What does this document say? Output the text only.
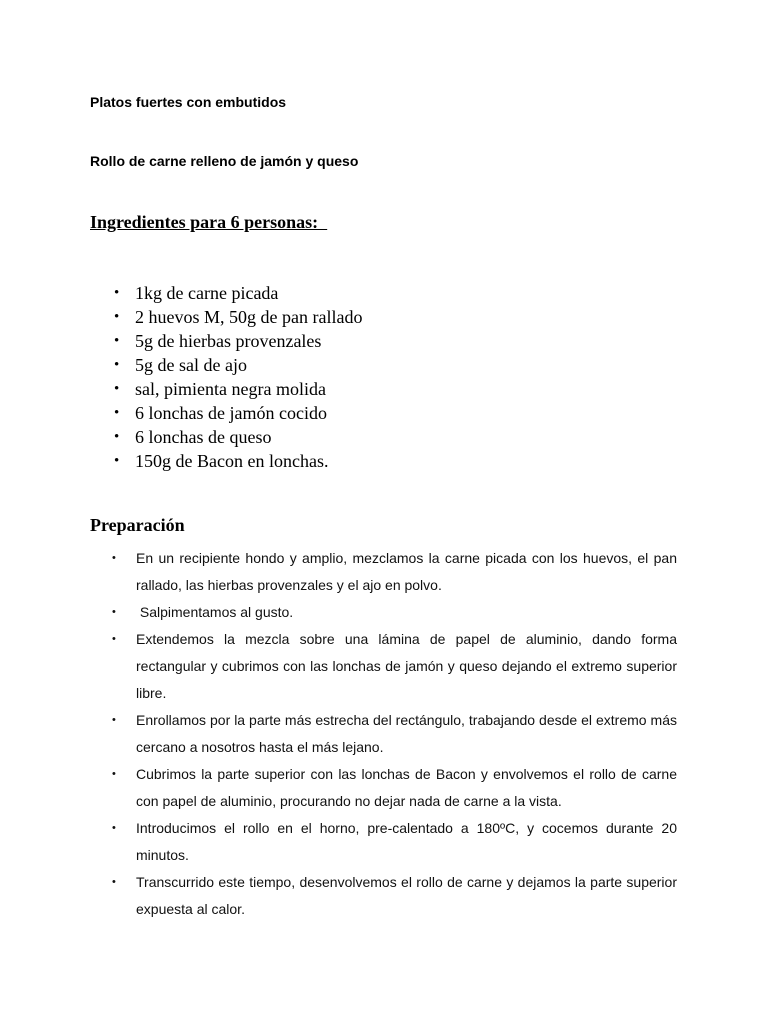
Platos fuertes con embutidos

Rollo de carne relleno de jamón y queso

Ingredientes para 6 personas:

• 1kg de carne picada
• 2 huevos M, 50g de pan rallado
• 5g de hierbas provenzales
• 5g de sal de ajo
• sal, pimienta negra molida
• 6 lonchas de jamón cocido
• 6 lonchas de queso
• 150g de Bacon en lonchas.

Preparación

• En un recipiente hondo y amplio, mezclamos la carne picada con los huevos, el pan rallado, las hierbas provenzales y el ajo en polvo.
• Salpimentamos al gusto.
• Extendemos la mezcla sobre una lámina de papel de aluminio, dando forma rectangular y cubrimos con las lonchas de jamón y queso dejando el extremo superior libre.
• Enrollamos por la parte más estrecha del rectángulo, trabajando desde el extremo más cercano a nosotros hasta el más lejano.
• Cubrimos la parte superior con las lonchas de Bacon y envolvemos el rollo de carne con papel de aluminio, procurando no dejar nada de carne a la vista.
• Introducimos el rollo en el horno, pre-calentado a 180ºC, y cocemos durante 20 minutos.
• Transcurrido este tiempo, desenvolvemos el rollo de carne y dejamos la parte superior expuesta al calor.
